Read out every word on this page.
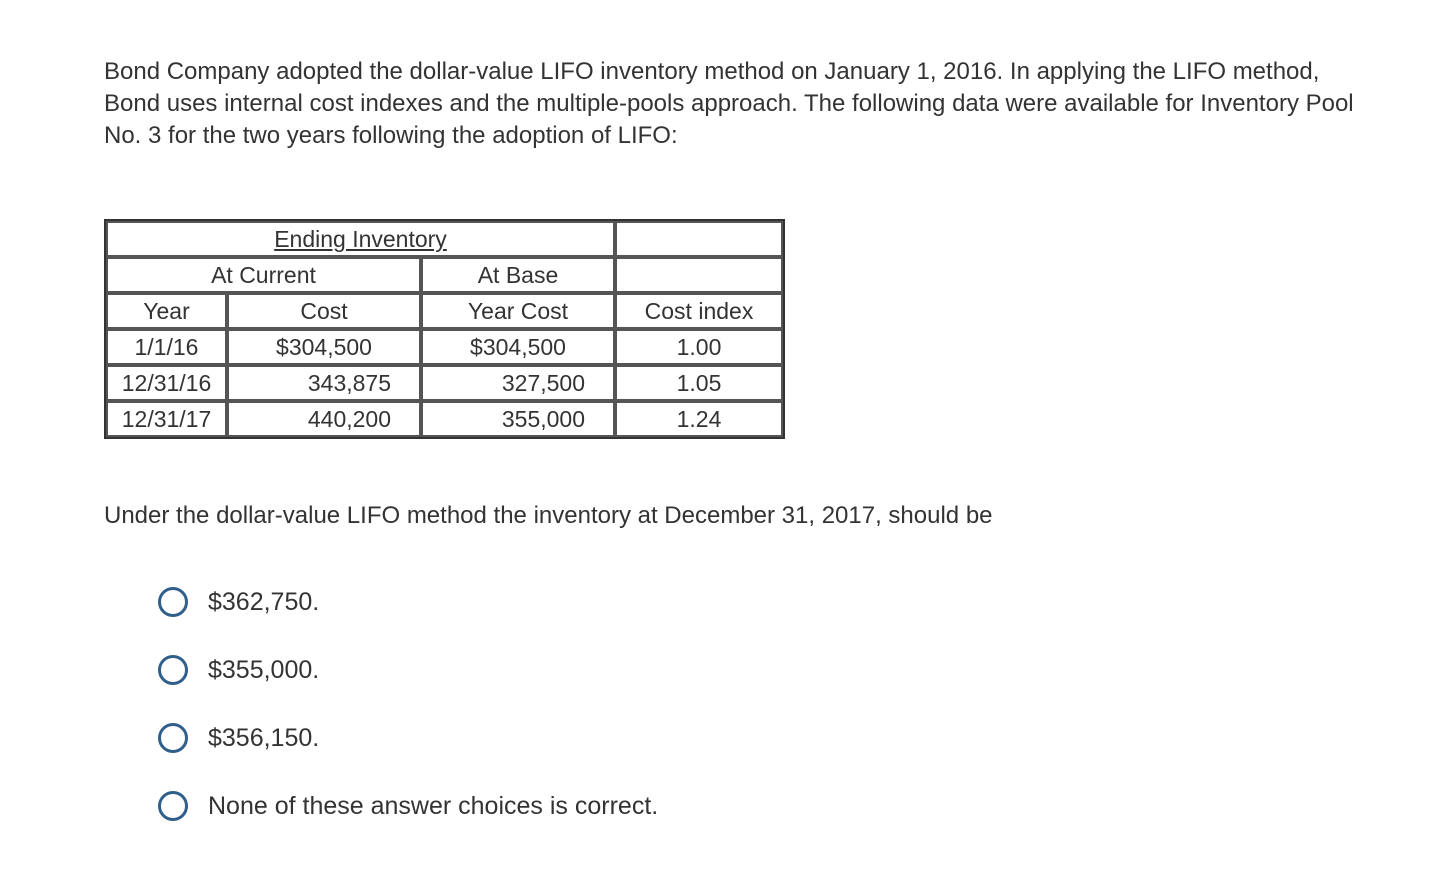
Bond Company adopted the dollar-value LIFO inventory method on January 1, 2016. In applying the LIFO method, Bond uses internal cost indexes and the multiple-pools approach. The following data were available for Inventory Pool No. 3 for the two years following the adoption of LIFO:

Ending Inventory			
At Current		At Base	
Year	Cost	Year Cost	Cost index
1/1/16	$304,500	$304,500	1.00
12/31/16	343,875	327,500	1.05
12/31/17	440,200	355,000	1.24

Under the dollar-value LIFO method the inventory at December 31, 2017, should be

$362,750.
$355,000.
$356,150.
None of these answer choices is correct.
